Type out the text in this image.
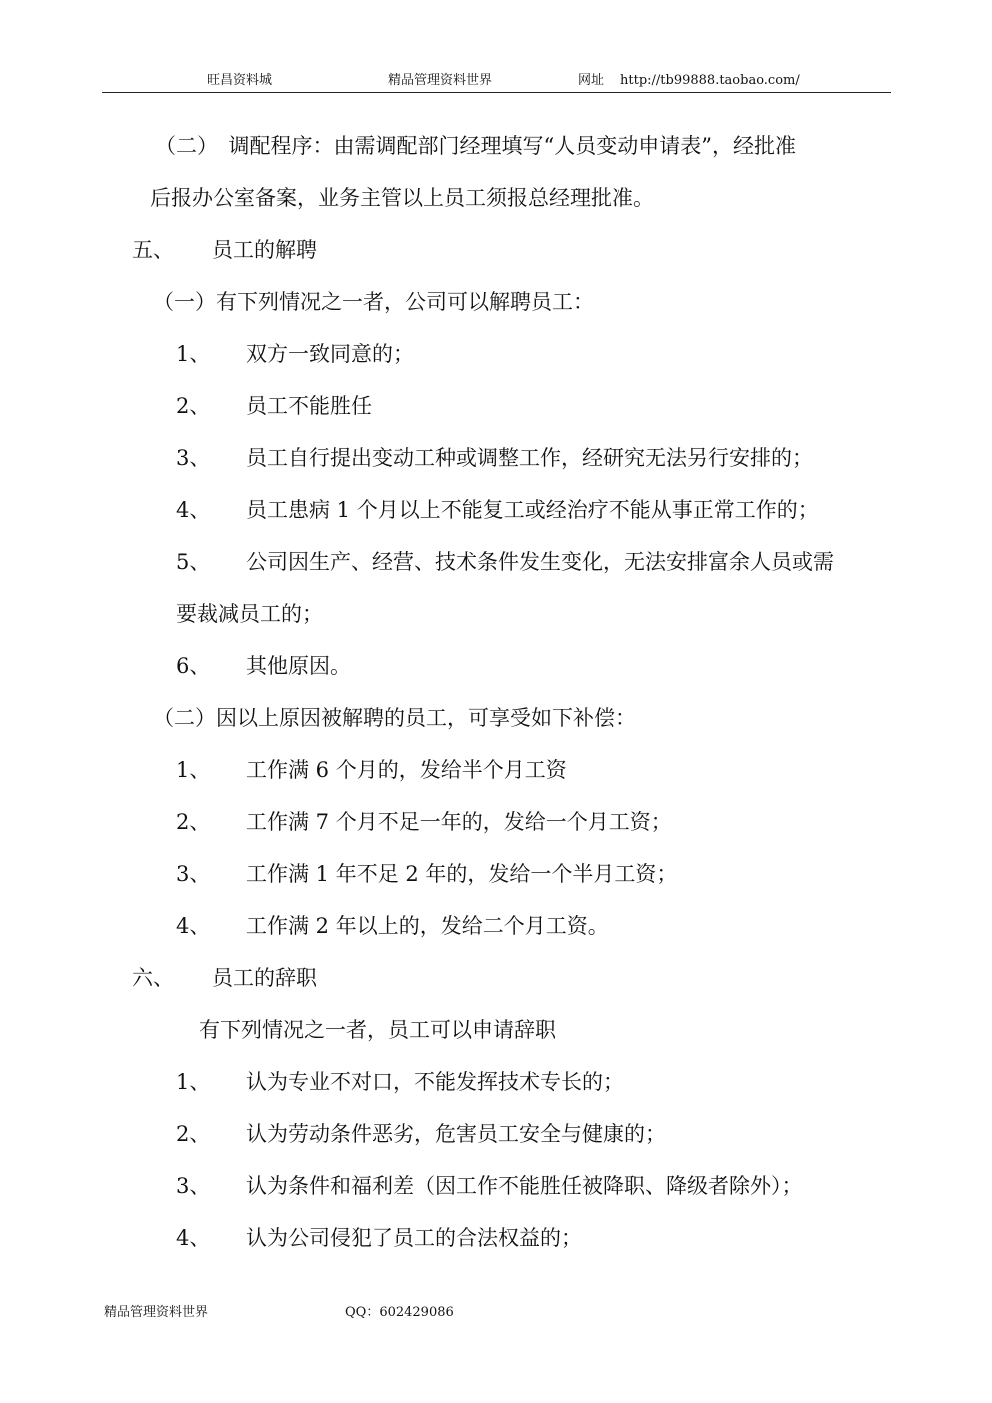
旺昌资料城	精品管理资料世界	网址 http://tb99888.taobao.com/
（二）　调配程序：由需调配部门经理填写“人员变动申请表”，经批准
后报办公室备案，业务主管以上员工须报总经理批准。
五、 员工的解聘
（一）有下列情况之一者，公司可以解聘员工：
1、 双方一致同意的；
2、 员工不能胜任
3、 员工自行提出变动工种或调整工作，经研究无法另行安排的；
4、 员工患病 1 个月以上不能复工或经治疗不能从事正常工作的；
5、 公司因生产、经营、技术条件发生变化，无法安排富余人员或需
要裁减员工的；
6、 其他原因。
（二）因以上原因被解聘的员工，可享受如下补偿：
1、 工作满 6 个月的，发给半个月工资
2、 工作满 7 个月不足一年的，发给一个月工资；
3、 工作满 1 年不足 2 年的，发给一个半月工资；
4、 工作满 2 年以上的，发给二个月工资。
六、 员工的辞职
有下列情况之一者，员工可以申请辞职
1、 认为专业不对口，不能发挥技术专长的；
2、 认为劳动条件恶劣，危害员工安全与健康的；
3、 认为条件和福利差（因工作不能胜任被降职、降级者除外）；
4、 认为公司侵犯了员工的合法权益的；
精品管理资料世界	QQ：602429086
